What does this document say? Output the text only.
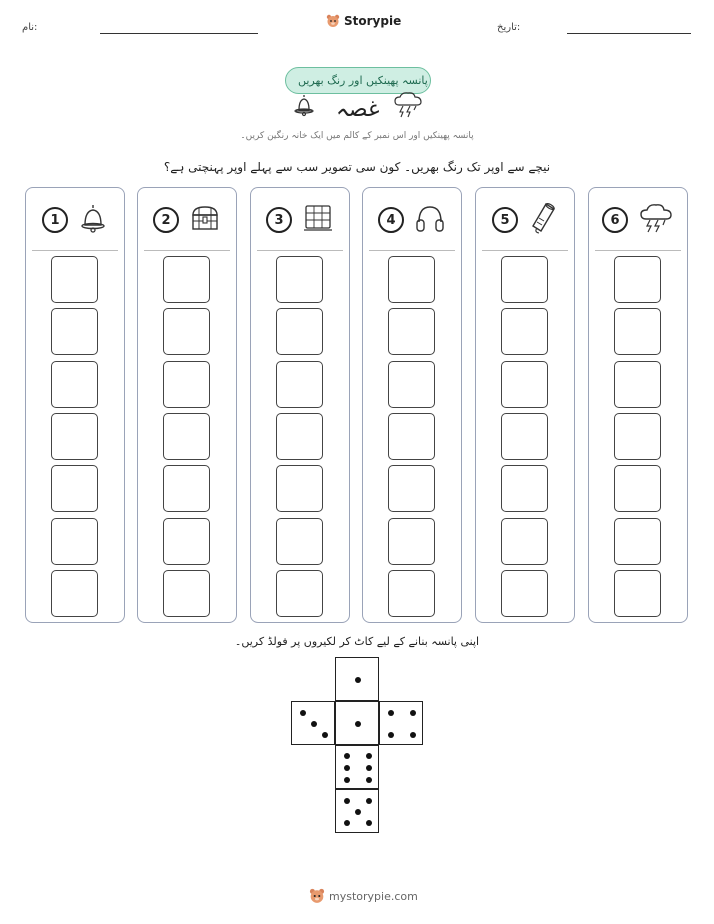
نام:	Storypie	تاریخ:
پانسہ پھینکیں اور رنگ بھریں
غصہ
پانسہ پھینکیں اور اس نمبر کے کالم میں ایک خانہ رنگین کریں۔
نیچے سے اوپر تک رنگ بھریں۔ کون سی تصویر سب سے پہلے اوپر پہنچتی ہے؟
1	2	3	4	5	6
اپنی پانسہ بنانے کے لیے کاٹ کر لکیروں پر فولڈ کریں۔
mystorypie.com
